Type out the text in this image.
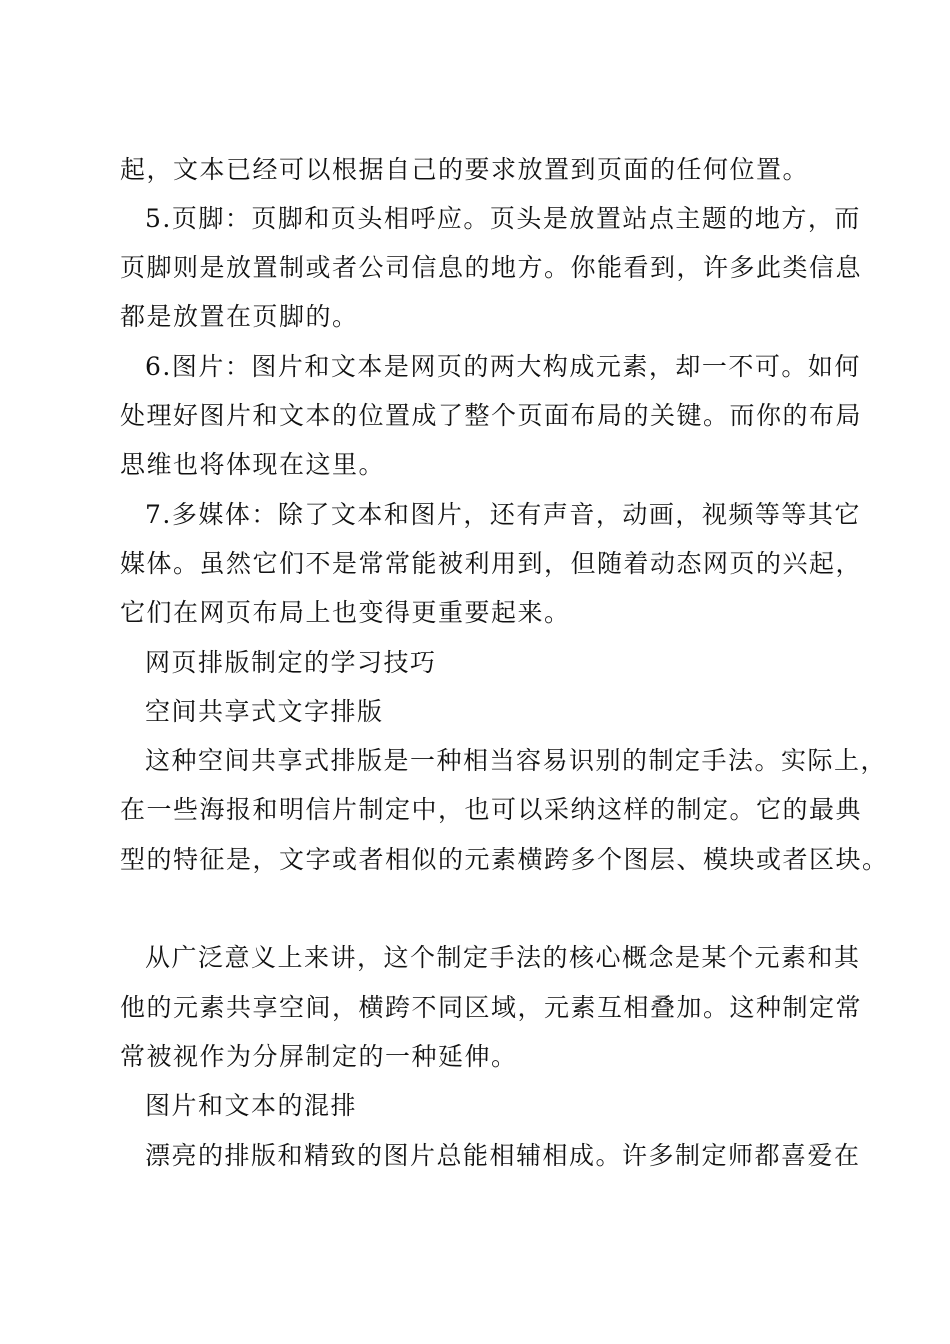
起，文本已经可以根据自己的要求放置到页面的任何位置。
5.页脚：页脚和页头相呼应。页头是放置站点主题的地方，而
页脚则是放置制或者公司信息的地方。你能看到，许多此类信息
都是放置在页脚的。
6.图片：图片和文本是网页的两大构成元素，却一不可。如何
处理好图片和文本的位置成了整个页面布局的关键。而你的布局
思维也将体现在这里。
7.多媒体：除了文本和图片，还有声音，动画，视频等等其它
媒体。虽然它们不是常常能被利用到，但随着动态网页的兴起，
它们在网页布局上也变得更重要起来。
网页排版制定的学习技巧
空间共享式文字排版
这种空间共享式排版是一种相当容易识别的制定手法。实际上，
在一些海报和明信片制定中，也可以采纳这样的制定。它的最典
型的特征是，文字或者相似的元素横跨多个图层、模块或者区块。
从广泛意义上来讲，这个制定手法的核心概念是某个元素和其
他的元素共享空间，横跨不同区域，元素互相叠加。这种制定常
常被视作为分屏制定的一种延伸。
图片和文本的混排
漂亮的排版和精致的图片总能相辅相成。许多制定师都喜爱在
